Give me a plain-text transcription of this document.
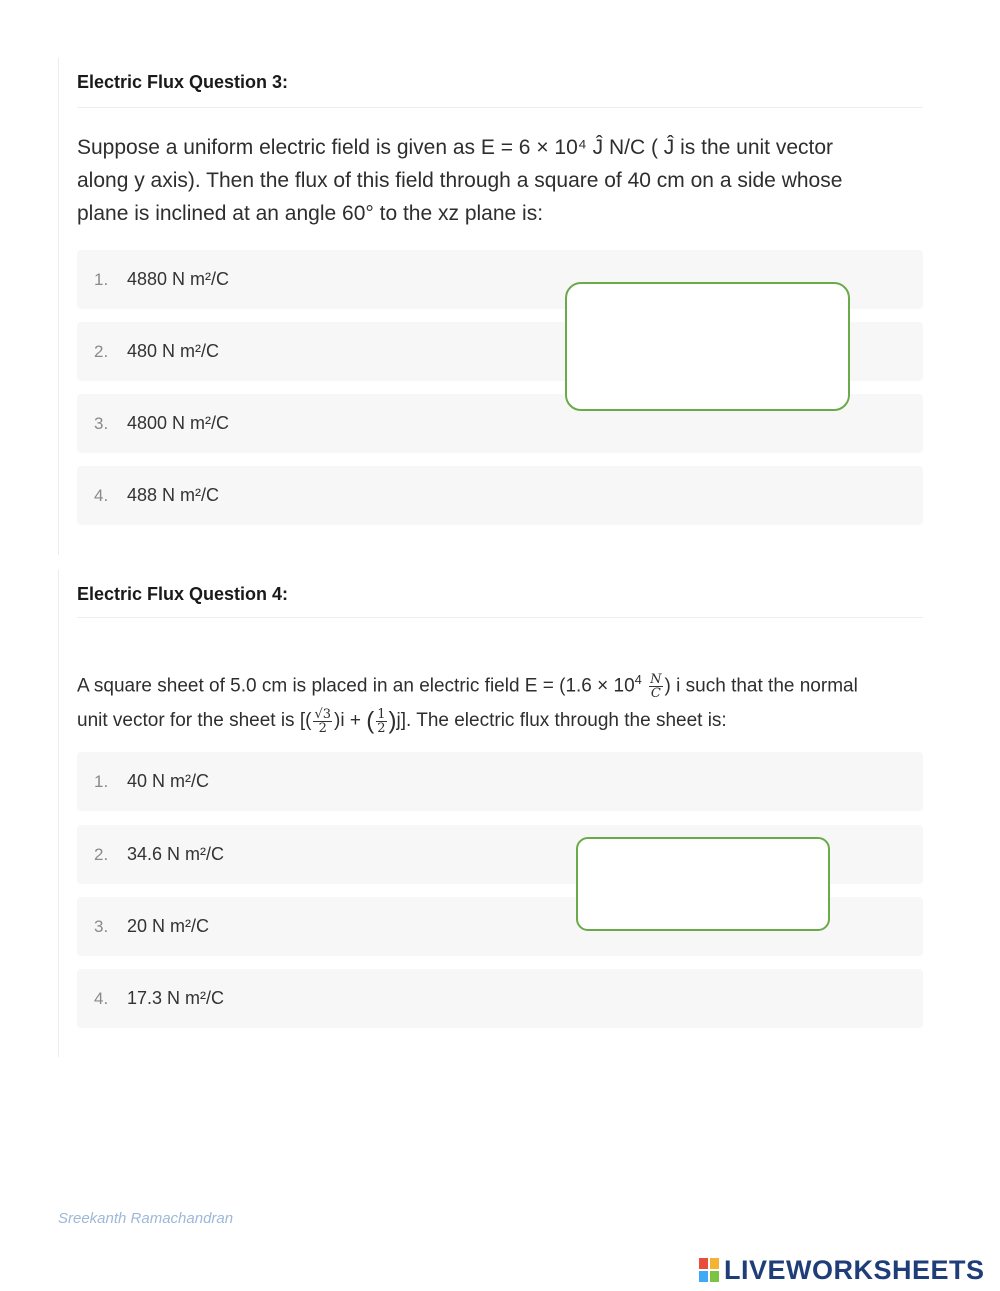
Electric Flux Question 3:
Suppose a uniform electric field is given as E = 6 × 10⁴ Ĵ N/C ( Ĵ is the unit vector
along y axis). Then the flux of this field through a square of 40 cm on a side whose
plane is inclined at an angle 60° to the xz plane is:
1. 4880 N m²/C
2. 480 N m²/C
3. 4800 N m²/C
4. 488 N m²/C
Electric Flux Question 4:
A square sheet of 5.0 cm is placed in an electric field $E = (1.6 \times 10^4 \frac{N}{C}$ ) i such that the normal
unit vector for the sheet is [( $\frac{√3}{2} )i$ + ( $\frac{1}{2} )j$]. The electric flux through the sheet is:
1. 40 N m²/C
2. 34.6 N m²/C
3. 20 N m²/C
4. 17.3 N m²/C
Sreekanth Ramachandran
LIVEWORKSHEETS
